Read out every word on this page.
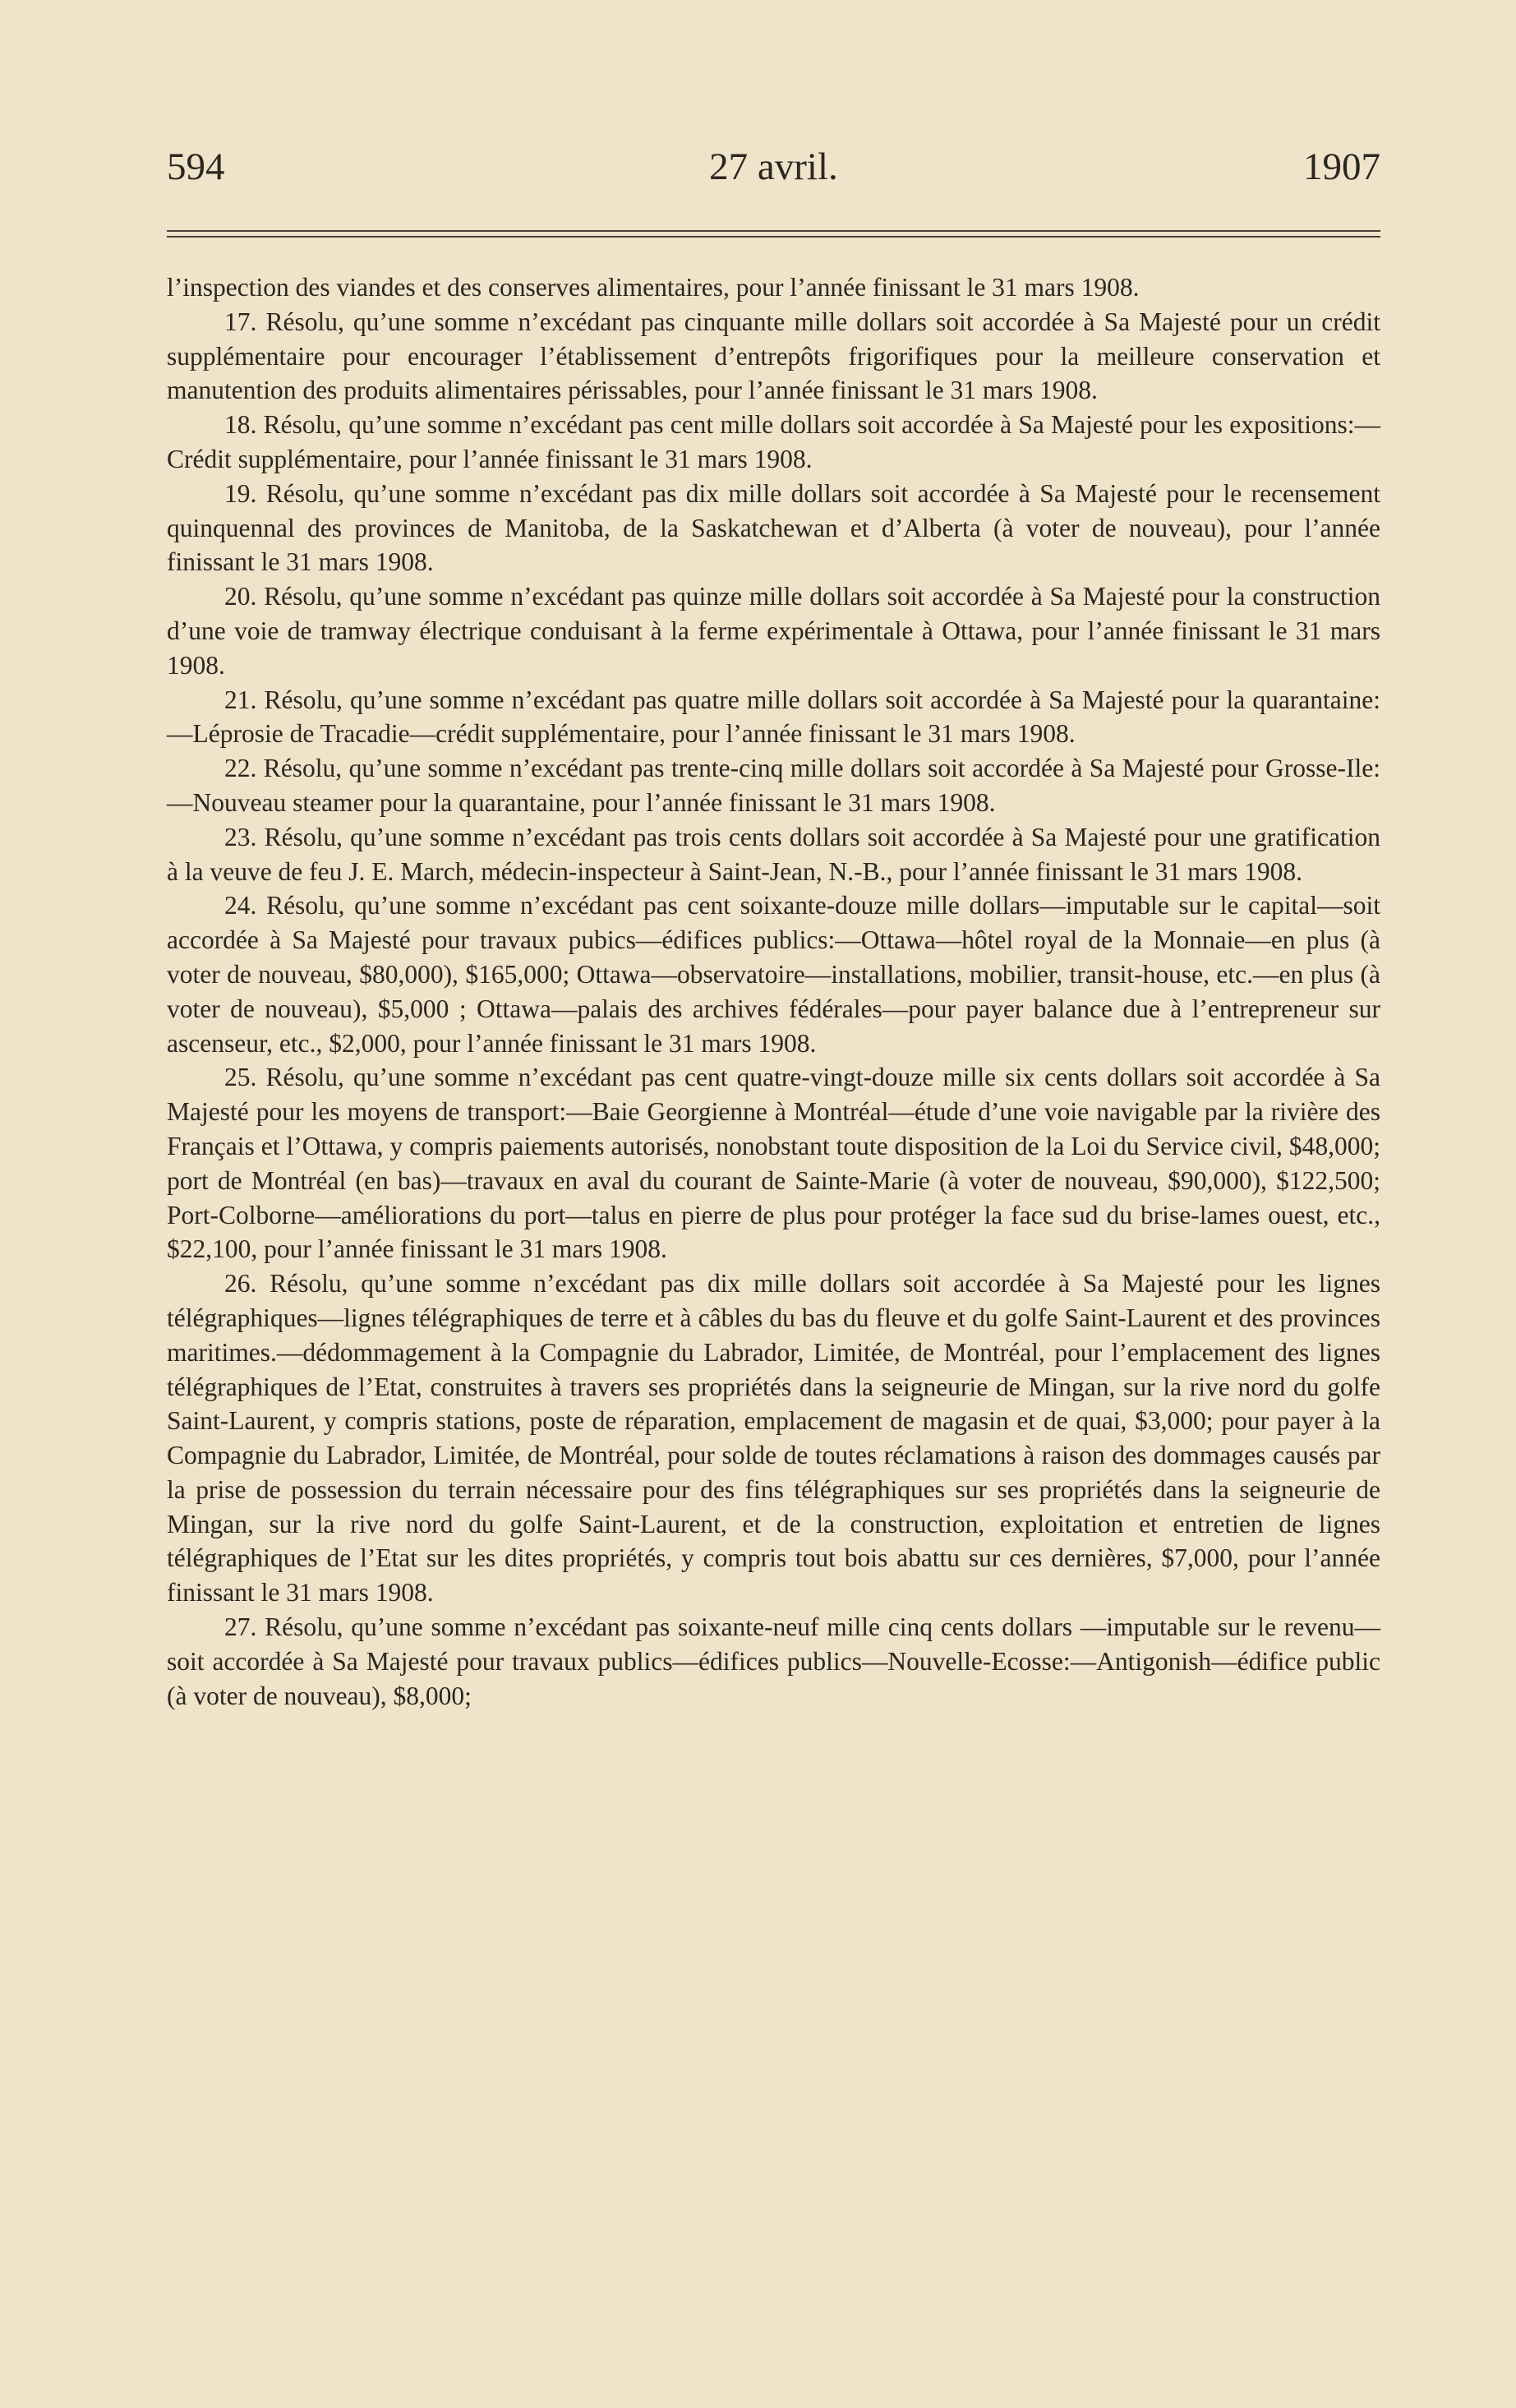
594	27 avril.	1907

l’inspection des viandes et des conserves alimentaires, pour l’année finissant le 31 mars 1908.

17. Résolu, qu’une somme n’excédant pas cinquante mille dollars soit accordée à Sa Majesté pour un crédit supplémentaire pour encourager l’établissement d’entrepôts frigorifiques pour la meilleure conservation et manutention des produits alimentaires périssables, pour l’année finissant le 31 mars 1908.

18. Résolu, qu’une somme n’excédant pas cent mille dollars soit accordée à Sa Majesté pour les expositions:—Crédit supplémentaire, pour l’année finissant le 31 mars 1908.

19. Résolu, qu’une somme n’excédant pas dix mille dollars soit accordée à Sa Majesté pour le recensement quinquennal des provinces de Manitoba, de la Saskatchewan et d’Alberta (à voter de nouveau), pour l’année finissant le 31 mars 1908.

20. Résolu, qu’une somme n’excédant pas quinze mille dollars soit accordée à Sa Majesté pour la construction d’une voie de tramway électrique conduisant à la ferme expérimentale à Ottawa, pour l’année finissant le 31 mars 1908.

21. Résolu, qu’une somme n’excédant pas quatre mille dollars soit accordée à Sa Majesté pour la quarantaine:—Léprosie de Tracadie—crédit supplémentaire, pour l’année finissant le 31 mars 1908.

22. Résolu, qu’une somme n’excédant pas trente-cinq mille dollars soit accordée à Sa Majesté pour Grosse-Ile:—Nouveau steamer pour la quarantaine, pour l’année finissant le 31 mars 1908.

23. Résolu, qu’une somme n’excédant pas trois cents dollars soit accordée à Sa Majesté pour une gratification à la veuve de feu J. E. March, médecin-inspecteur à Saint-Jean, N.-B., pour l’année finissant le 31 mars 1908.

24. Résolu, qu’une somme n’excédant pas cent soixante-douze mille dollars—imputable sur le capital—soit accordée à Sa Majesté pour travaux pubics—édifices publics:—Ottawa—hôtel royal de la Monnaie—en plus (à voter de nouveau, $80,000), $165,000; Ottawa—observatoire—installations, mobilier, transit-house, etc.—en plus (à voter de nouveau), $5,000 ; Ottawa—palais des archives fédérales—pour payer balance due à l’entrepreneur sur ascenseur, etc., $2,000, pour l’année finissant le 31 mars 1908.

25. Résolu, qu’une somme n’excédant pas cent quatre-vingt-douze mille six cents dollars soit accordée à Sa Majesté pour les moyens de transport:—Baie Georgienne à Montréal—étude d’une voie navigable par la rivière des Français et l’Ottawa, y compris paiements autorisés, nonobstant toute disposition de la Loi du Service civil, $48,000; port de Montréal (en bas)—travaux en aval du courant de Sainte-Marie (à voter de nouveau, $90,000), $122,500; Port-Colborne—améliorations du port—talus en pierre de plus pour protéger la face sud du brise-lames ouest, etc., $22,100, pour l’année finissant le 31 mars 1908.

26. Résolu, qu’une somme n’excédant pas dix mille dollars soit accordée à Sa Majesté pour les lignes télégraphiques—lignes télégraphiques de terre et à câbles du bas du fleuve et du golfe Saint-Laurent et des provinces maritimes.—dédommagement à la Compagnie du Labrador, Limitée, de Montréal, pour l’emplacement des lignes télégraphiques de l’Etat, construites à travers ses propriétés dans la seigneurie de Mingan, sur la rive nord du golfe Saint-Laurent, y compris stations, poste de réparation, emplacement de magasin et de quai, $3,000; pour payer à la Compagnie du Labrador, Limitée, de Montréal, pour solde de toutes réclamations à raison des dommages causés par la prise de possession du terrain nécessaire pour des fins télégraphiques sur ses propriétés dans la seigneurie de Mingan, sur la rive nord du golfe Saint-Laurent, et de la construction, exploitation et entretien de lignes télégraphiques de l’Etat sur les dites propriétés, y compris tout bois abattu sur ces dernières, $7,000, pour l’année finissant le 31 mars 1908.

27. Résolu, qu’une somme n’excédant pas soixante-neuf mille cinq cents dollars —imputable sur le revenu—soit accordée à Sa Majesté pour travaux publics—édifices publics—Nouvelle-Ecosse:—Antigonish—édifice public (à voter de nouveau), $8,000;
